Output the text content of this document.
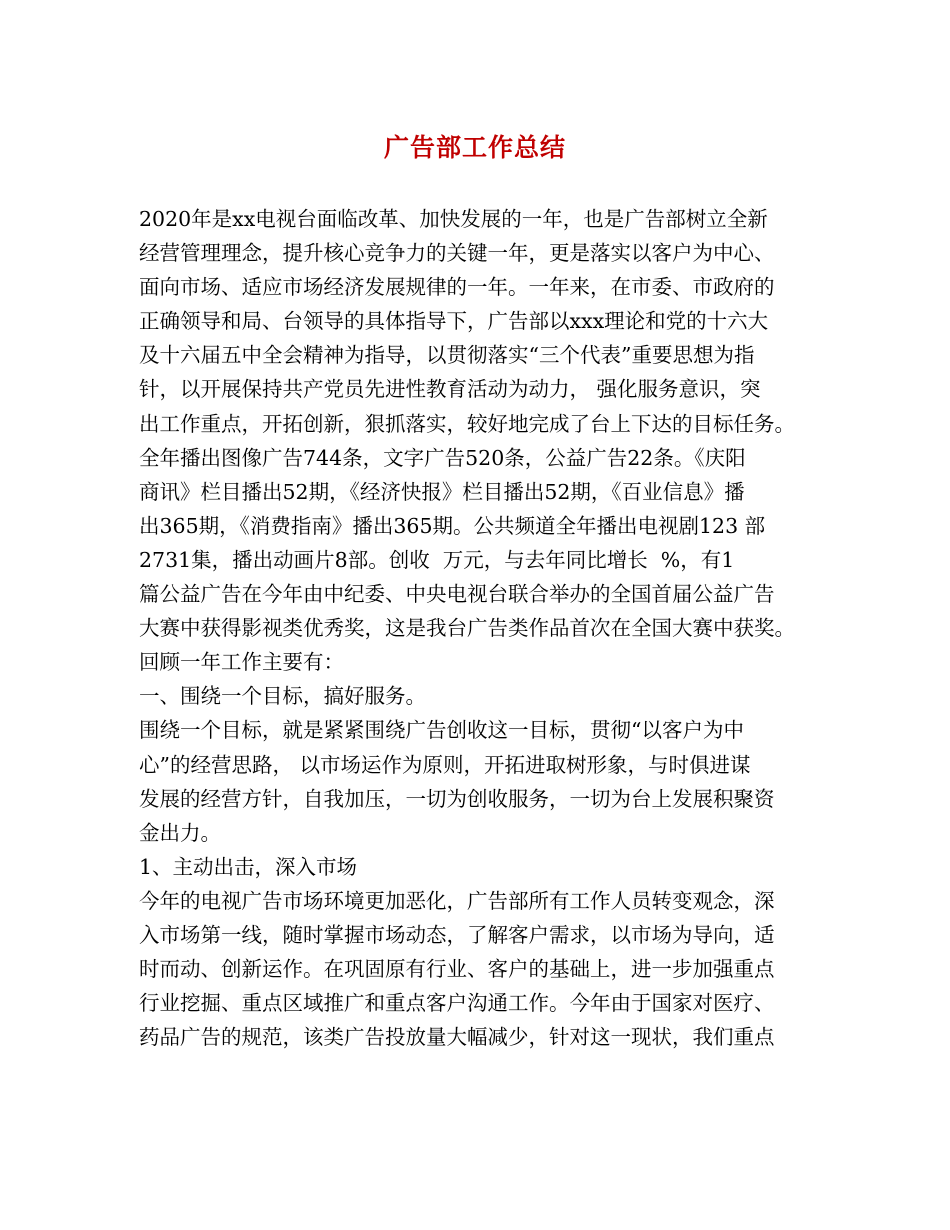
广告部工作总结
2020年是xx电视台面临改革、加快发展的一年，也是广告部树立全新
经营管理理念，提升核心竞争力的关键一年，更是落实以客户为中心、
面向市场、适应市场经济发展规律的一年。一年来，在市委、市政府的
正确领导和局、台领导的具体指导下，广告部以xxx理论和党的十六大
及十六届五中全会精神为指导，以贯彻落实“三个代表”重要思想为指
针，以开展保持共产党员先进性教育活动为动力， 强化服务意识，突
出工作重点，开拓创新，狠抓落实，较好地完成了台上下达的目标任务。
全年播出图像广告744条，文字广告520条，公益广告22条。《庆阳
商讯》栏目播出52期，《经济快报》栏目播出52期，《百业信息》播
出365期，《消费指南》播出365期。公共频道全年播出电视剧123 部
2731集，播出动画片8部。创收  万元，与去年同比增长  %，有1
篇公益广告在今年由中纪委、中央电视台联合举办的全国首届公益广告
大赛中获得影视类优秀奖，这是我台广告类作品首次在全国大赛中获奖。
回顾一年工作主要有：
一、围绕一个目标，搞好服务。
围绕一个目标，就是紧紧围绕广告创收这一目标，贯彻“以客户为中
心”的经营思路， 以市场运作为原则，开拓进取树形象，与时俱进谋
发展的经营方针，自我加压，一切为创收服务，一切为台上发展积聚资
金出力。
1、主动出击，深入市场
今年的电视广告市场环境更加恶化，广告部所有工作人员转变观念，深
入市场第一线，随时掌握市场动态，了解客户需求，以市场为导向，适
时而动、创新运作。在巩固原有行业、客户的基础上，进一步加强重点
行业挖掘、重点区域推广和重点客户沟通工作。今年由于国家对医疗、
药品广告的规范，该类广告投放量大幅减少，针对这一现状，我们重点
